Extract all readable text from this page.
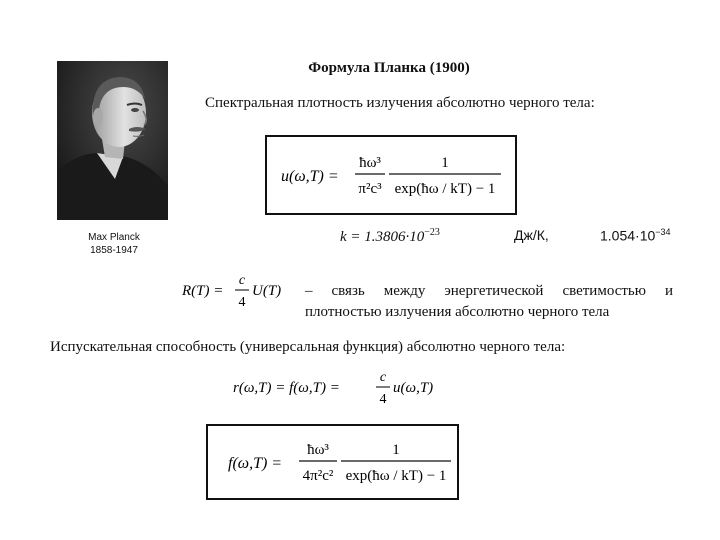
Формула Планка (1900)
Спектральная плотность излучения абсолютно черного тела:
Max Planck
1858-1947
u(ω,T) =
ħω³
π²c³
1
exp(ħω / kT) − 1
$k = 1.3806\cdot 10^{-23}$	Дж/К,	$1.054\cdot 10^{-34}$
R(T) =
c
4
U(T) – связь между энергетической светимостью и плотностью излучения абсолютно черного тела
Испускательная способность (универсальная функция) абсолютно черного тела:
r(ω,T) = f(ω,T) =
c
4
u(ω,T)
f(ω,T) =
ħω³
4π²c²
1
exp(ħω / kT) − 1
